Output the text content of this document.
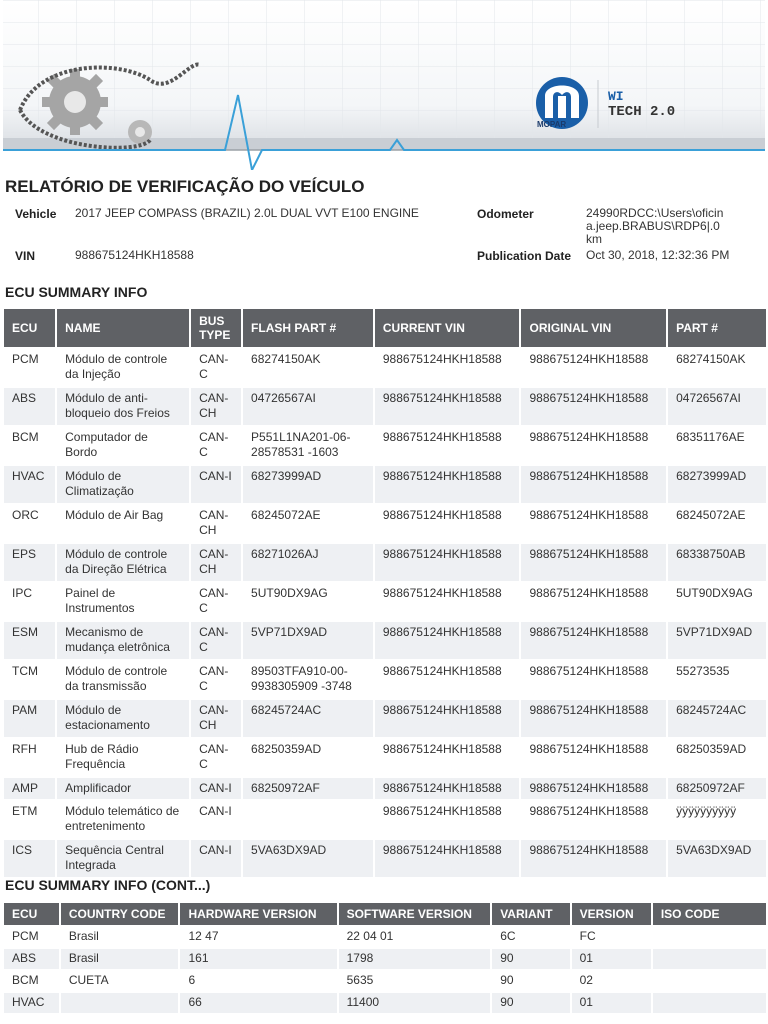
MOPAR
WI
TECH 2.0
RELATÓRIO DE VERIFICAÇÃO DO VEÍCULO
Vehicle 2017 JEEP COMPASS (BRAZIL) 2.0L DUAL VVT E100 ENGINE
VIN	988675124HKH18588
Odometer	24990RDCC:\Users\oficin
a.jeep.BRABUS\RDP6|.0
km
Publication Date Oct 30, 2018, 12:32:36 PM
ECU SUMMARY INFO
ECU	NAME	BUS TYPE	FLASH PART #	CURRENT VIN	ORIGINAL VIN	PART #
PCM	Módulo de controle da Injeção	CAN-C	68274150AK	988675124HKH18588	988675124HKH18588	68274150AK
ABS	Módulo de anti-bloqueio dos Freios	CAN-CH	04726567AI	988675124HKH18588	988675124HKH18588	04726567AI
BCM	Computador de Bordo	CAN-C	P551L1NA201-06-28578531 -1603	988675124HKH18588	988675124HKH18588	68351176AE
HVAC	Módulo de Climatização	CAN-I	68273999AD	988675124HKH18588	988675124HKH18588	68273999AD
ORC	Módulo de Air Bag	CAN-CH	68245072AE	988675124HKH18588	988675124HKH18588	68245072AE
EPS	Módulo de controle da Direção Elétrica	CAN-CH	68271026AJ	988675124HKH18588	988675124HKH18588	68338750AB
IPC	Painel de Instrumentos	CAN-C	5UT90DX9AG	988675124HKH18588	988675124HKH18588	5UT90DX9AG
ESM	Mecanismo de mudança eletrônica	CAN-C	5VP71DX9AD	988675124HKH18588	988675124HKH18588	5VP71DX9AD
TCM	Módulo de controle da transmissão	CAN-C	89503TFA910-00-9938305909 -3748	988675124HKH18588	988675124HKH18588	55273535
PAM	Módulo de estacionamento	CAN-CH	68245724AC	988675124HKH18588	988675124HKH18588	68245724AC
RFH	Hub de Rádio Frequência	CAN-C	68250359AD	988675124HKH18588	988675124HKH18588	68250359AD
AMP	Amplificador	CAN-I	68250972AF	988675124HKH18588	988675124HKH18588	68250972AF
ETM	Módulo telemático de entretenimento	CAN-I		988675124HKH18588	988675124HKH18588	ÿÿÿÿÿÿÿÿÿÿ
ICS	Sequência Central Integrada	CAN-I	5VA63DX9AD	988675124HKH18588	988675124HKH18588	5VA63DX9AD
ECU SUMMARY INFO (CONT...)
ECU	COUNTRY CODE	HARDWARE VERSION	SOFTWARE VERSION	VARIANT	VERSION	ISO CODE
PCM	Brasil	12 47	22 04 01	6C	FC	
ABS	Brasil	161	1798	90	01	
BCM	CUETA	6	5635	90	02	
HVAC		66	11400	90	01	
